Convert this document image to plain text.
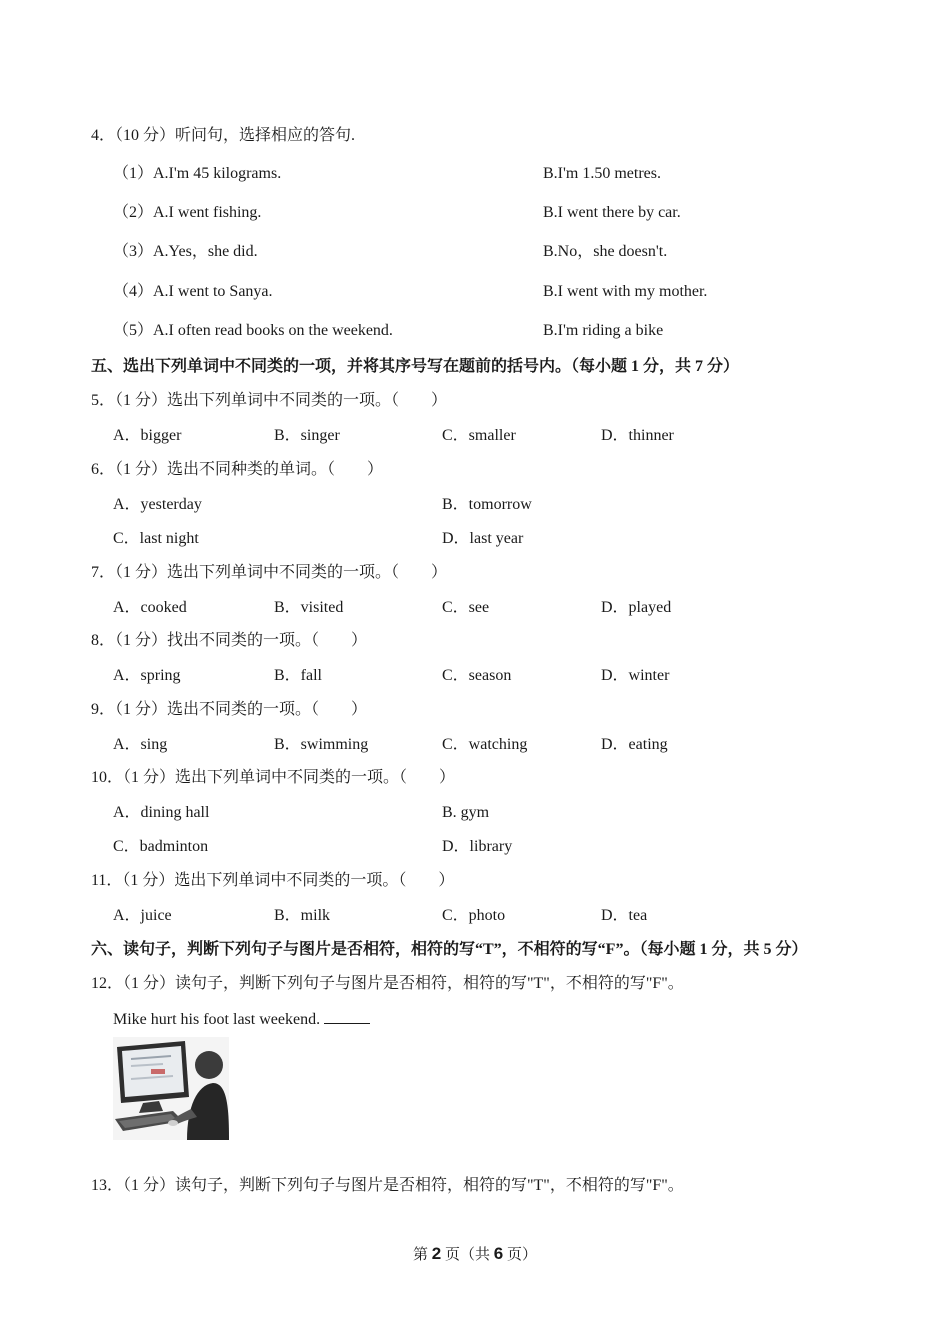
4．（10 分）听问句，选择相应的答句.
（1）A.I'm 45 kilograms.	B.I'm 1.50 metres.
（2）A.I went fishing.	B.I went there by car.
（3）A.Yes，she did.	B.No，she doesn't.
（4）A.I went to Sanya.	B.I went with my mother.
（5）A.I often read books on the weekend.	B.I'm riding a bike
五、选出下列单词中不同类的一项，并将其序号写在题前的括号内。（每小题 1 分，共 7 分）
5．（1 分）选出下列单词中不同类的一项。（　　）
A．bigger	B．singer	C．smaller	D．thinner
6．（1 分）选出不同种类的单词。（　　）
A．yesterday	B．tomorrow
C．last night	D．last year
7．（1 分）选出下列单词中不同类的一项。（　　）
A．cooked	B．visited	C．see	D．played
8．（1 分）找出不同类的一项。（　　）
A．spring	B．fall	C．season	D．winter
9．（1 分）选出不同类的一项。（　　）
A．sing	B．swimming	C．watching	D．eating
10．（1 分）选出下列单词中不同类的一项。（　　）
A．dining hall	B. gym
C．badminton	D．library
11．（1 分）选出下列单词中不同类的一项。（　　）
A．juice	B．milk	C．photo	D．tea
六、读句子，判断下列句子与图片是否相符，相符的写“T”，不相符的写“F”。（每小题 1 分，共 5 分）
12．（1 分）读句子，判断下列句子与图片是否相符，相符的写"T"，不相符的写"F"。
Mike hurt his foot last weekend.
13．（1 分）读句子，判断下列句子与图片是否相符，相符的写"T"，不相符的写"F"。
第 2 页（共 6 页）
